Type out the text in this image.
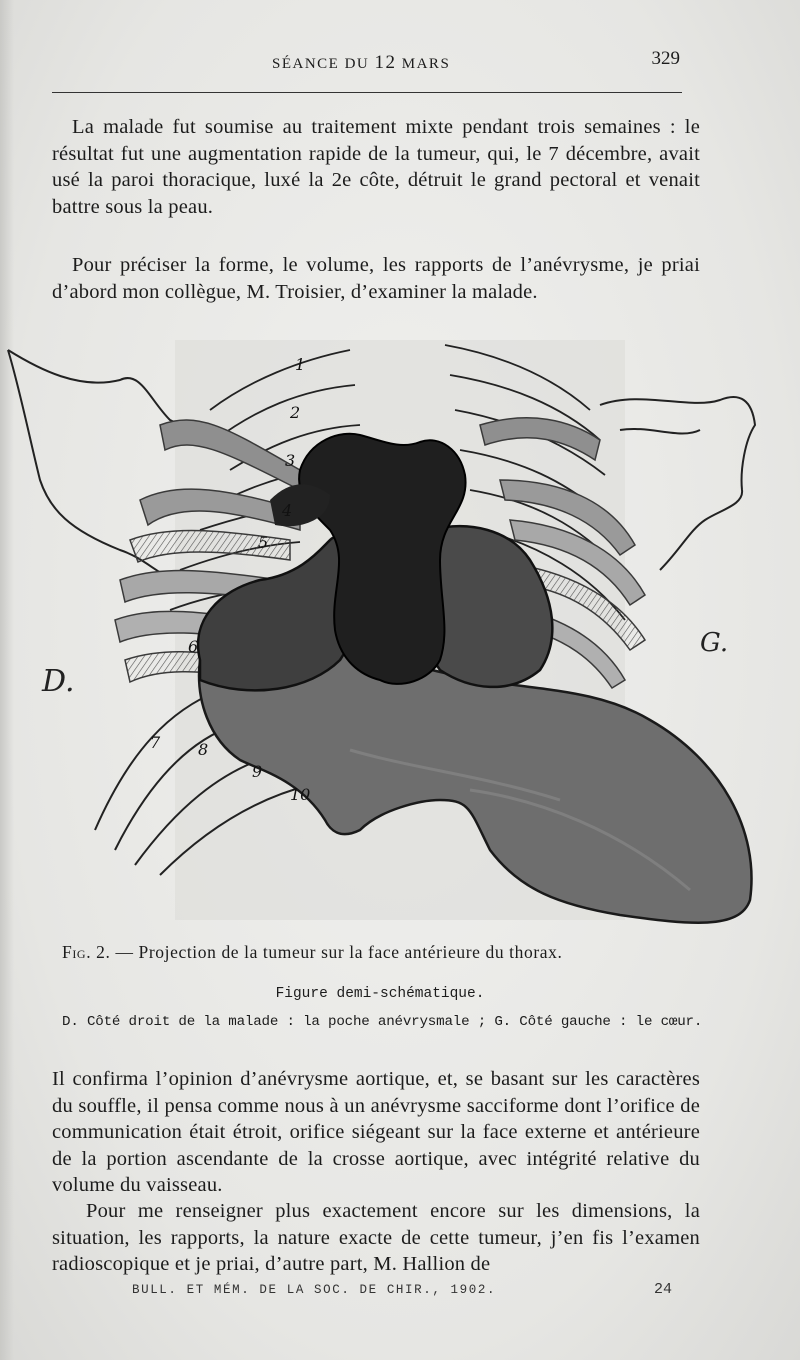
SÉANCE DU 12 MARS	329

La malade fut soumise au traitement mixte pendant trois semaines : le résultat fut une augmentation rapide de la tumeur, qui, le 7 décembre, avait usé la paroi thoracique, luxé la 2e côte, détruit le grand pectoral et venait battre sous la peau.

Pour préciser la forme, le volume, les rapports de l’anévrysme, je priai d’abord mon collègue, M. Troisier, d’examiner la malade.

1
2
3
4
5
6
7 8
9
10
D.
G.
Fig. 2. — Projection de la tumeur sur la face antérieure du thorax.
Figure demi-schématique.
D. Côté droit de la malade : la poche anévrysmale ; G. Côté gauche : le cœur.

Il confirma l’opinion d’anévrysme aortique, et, se basant sur les caractères du souffle, il pensa comme nous à un anévrysme sacciforme dont l’orifice de communication était étroit, orifice siégeant sur la face externe et antérieure de la portion ascendante de la crosse aortique, avec intégrité relative du volume du vaisseau.

Pour me renseigner plus exactement encore sur les dimensions, la situation, les rapports, la nature exacte de cette tumeur, j’en fis l’examen radioscopique et je priai, d’autre part, M. Hallion de

BULL. ET MÉM. DE LA SOC. DE CHIR., 1902.	24
